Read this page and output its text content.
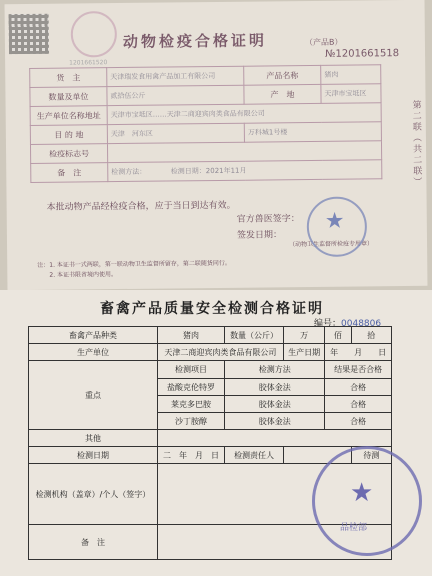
动物检疫合格证明	（产品B）
№1201661518
1201661520
货　主	天津瑞发食用禽产品加工有限公司	产品名称	猪肉
数量及单位	贰拾伍公斤	产　地	天津市宝坻区
生产单位名称地址	天津市宝坻区……天津二商迎宾肉类食品有限公司		
目 的 地	天津　河东区	万科城1号楼	
检疫标志号			
备　注	检测方法：　　　　检测日期：2021年11月　　　　		
本批动物产品经检疫合格，应于当日到达有效。
官方兽医签字：
签发日期：
（动物卫生监督所检疫专用章）
★
第二联（共二联）
注：1. 本证书一式两联，第一联动物卫生监督所留存，第二联随货同行。
　　2. 本证书限省境内使用。
畜禽产品质量安全检测合格证明
编号：0048806
畜禽产品种类	猪肉	数量（公斤）	万	佰	拾
生产单位	天津二商迎宾肉类食品有限公司		生产日期	年　　月　　日	
重点	检测项目	检测方法		结果是否合格	
	盐酸克伦特罗	胶体金法		合格	
	莱克多巴胺	胶体金法		合格	
	沙丁胺醇	胶体金法		合格	
其他					
检测日期	二　年　月　日	检测责任人			待测
检测机构（盖章）/个人（签字）					
备　注					
★
品检部
